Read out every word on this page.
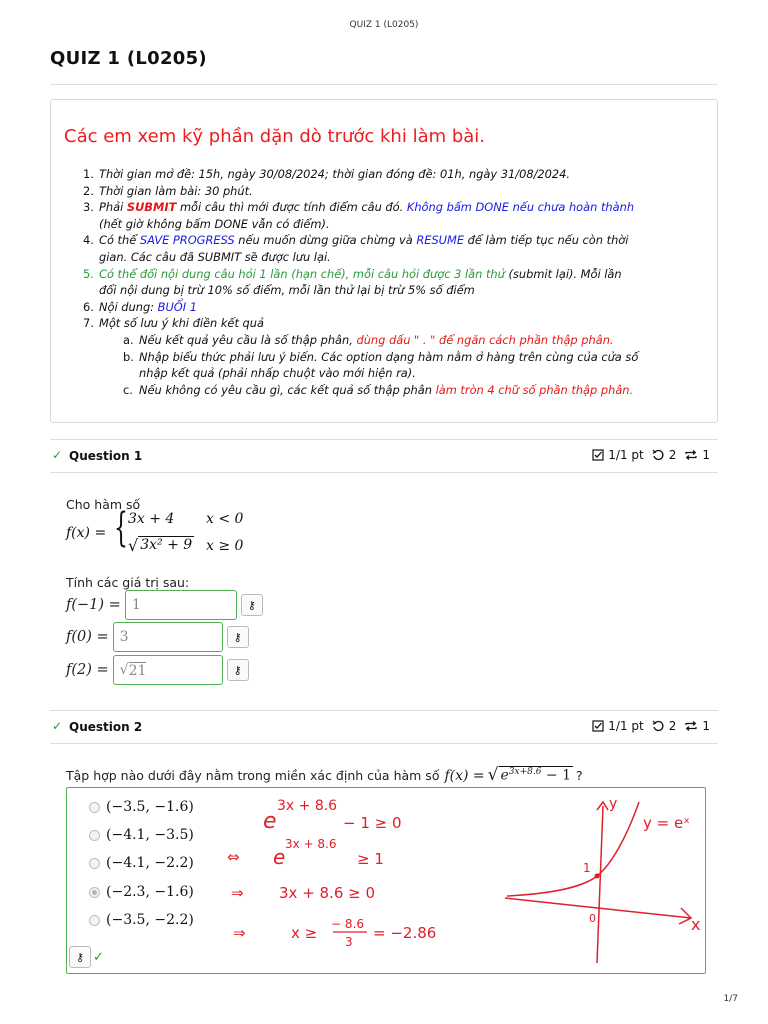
QUIZ 1 (L0205)
QUIZ 1 (L0205)
Các em xem kỹ phần dặn dò trước khi làm bài.
1. Thời gian mở đề: 15h, ngày 30/08/2024; thời gian đóng đề: 01h, ngày 31/08/2024.
2. Thời gian làm bài: 30 phút.
3. Phải SUBMIT mỗi câu thì mới được tính điểm câu đó. Không bấm DONE nếu chưa hoàn thành
(hết giờ không bấm DONE vẫn có điểm).
4. Có thể SAVE PROGRESS nếu muốn dừng giữa chừng và RESUME để làm tiếp tục nếu còn thời
gian. Các câu đã SUBMIT sẽ được lưu lại.
5. Có thể đổi nội dung câu hỏi 1 lần (hạn chế), mỗi câu hỏi được 3 lần thử (submit lại). Mỗi lần
đổi nội dung bị trừ 10% số điểm, mỗi lần thử lại bị trừ 5% số điểm
6. Nội dung: BUỔI 1
7. Một số lưu ý khi điền kết quả
a. Nếu kết quả yêu cầu là số thập phân, dùng dấu " . " để ngăn cách phần thập phân.
b. Nhập biểu thức phải lưu ý biến. Các option dạng hàm nằm ở hàng trên cùng của cửa số
nhập kết quả (phải nhấp chuột vào mới hiện ra).
c. Nếu không có yêu cầu gì, các kết quả số thập phân làm tròn 4 chữ số phần thập phân.
✓ Question 1	1/1 pt 2 1
Cho hàm số
f(x) = { 3x + 4 x < 0
√ 3x² + 9 x ≥ 0
Tính các giá trị sau:
f(−1) = 1	⚷
f(0) = 3	⚷
f(2) = √ 21	⚷
✓ Question 2	1/1 pt 2 1
Tập hợp nào dưới đây nằm trong miền xác định của hàm số f(x) = √ $e^{3x+8.6} - 1$ ?
(−3.5, −1.6)
(−4.1, −3.5)
(−4.1, −2.2)
(−2.3, −1.6)
(−3.5, −2.2)
⚷ ✓
e
3x + 8.6
− 1 ≥ 0
⇔ e
3x + 8.6
≥ 1
⇒ 3x + 8.6 ≥ 0
⇒	x ≥ − 8.6
3 = −2.86
y
x
y = eˣ
1
0
1/7
